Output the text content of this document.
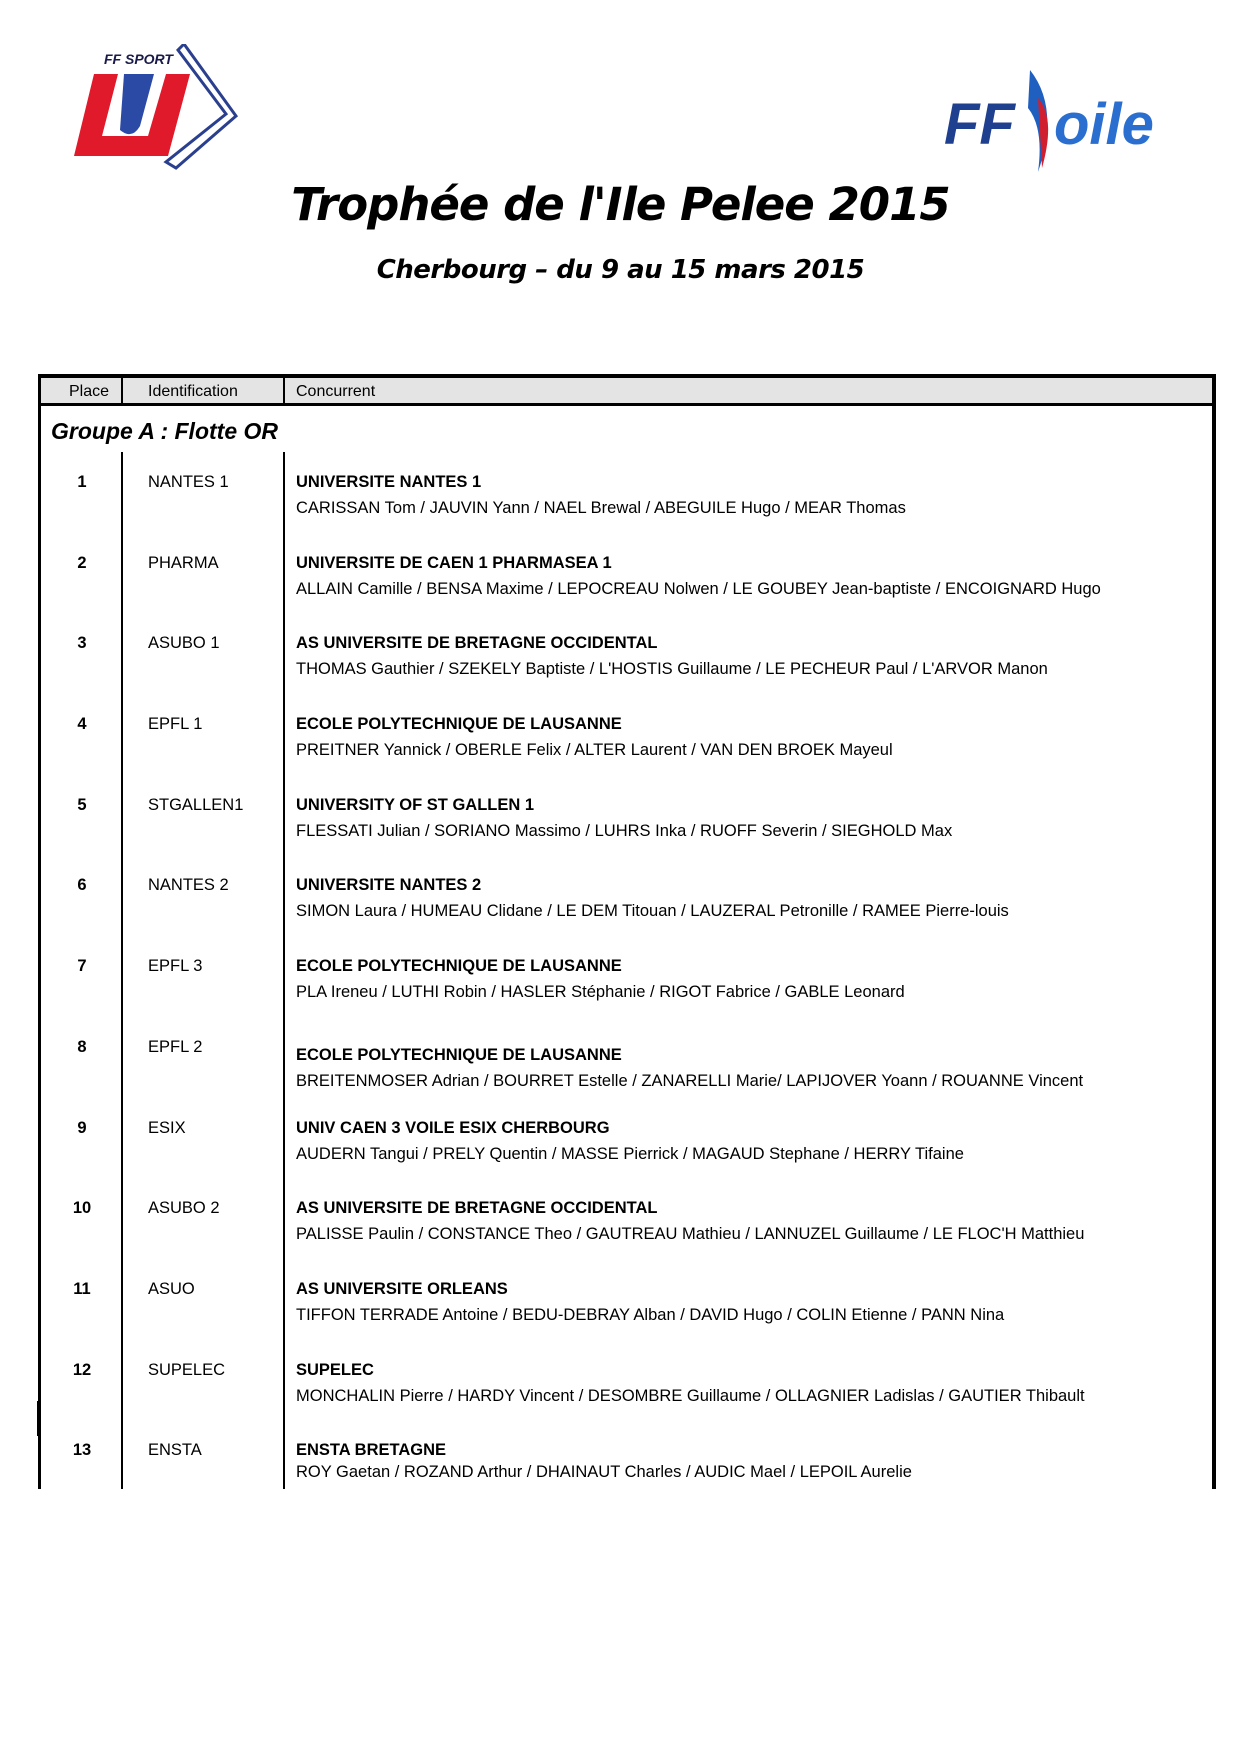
FF SPORT
FF oile
Trophée de l'Ile Pelee 2015
Cherbourg – du 9 au 15 mars 2015
Place Identification	Concurrent
Groupe A : Flotte OR
1	NANTES 1	UNIVERSITE NANTES 1
CARISSAN Tom / JAUVIN Yann / NAEL Brewal / ABEGUILE Hugo / MEAR Thomas
2	PHARMA	UNIVERSITE DE CAEN 1 PHARMASEA 1
ALLAIN Camille / BENSA Maxime / LEPOCREAU Nolwen / LE GOUBEY Jean-baptiste / ENCOIGNARD Hugo
3	ASUBO 1	AS UNIVERSITE DE BRETAGNE OCCIDENTAL
THOMAS Gauthier / SZEKELY Baptiste / L'HOSTIS Guillaume / LE PECHEUR Paul / L'ARVOR Manon
4	EPFL 1	ECOLE POLYTECHNIQUE DE LAUSANNE
PREITNER Yannick / OBERLE Felix / ALTER Laurent / VAN DEN BROEK Mayeul
5	STGALLEN1	UNIVERSITY OF ST GALLEN 1
FLESSATI Julian / SORIANO Massimo / LUHRS Inka / RUOFF Severin / SIEGHOLD Max
6	NANTES 2	UNIVERSITE NANTES 2
SIMON Laura / HUMEAU Clidane / LE DEM Titouan / LAUZERAL Petronille / RAMEE Pierre-louis
7	EPFL 3	ECOLE POLYTECHNIQUE DE LAUSANNE
PLA Ireneu / LUTHI Robin / HASLER Stéphanie / RIGOT Fabrice / GABLE Leonard
8	EPFL 2	ECOLE POLYTECHNIQUE DE LAUSANNE
BREITENMOSER Adrian / BOURRET Estelle / ZANARELLI Marie/ LAPIJOVER Yoann / ROUANNE Vincent
9	ESIX	UNIV CAEN 3 VOILE ESIX CHERBOURG
AUDERN Tangui / PRELY Quentin / MASSE Pierrick / MAGAUD Stephane / HERRY Tifaine
10	ASUBO 2	AS UNIVERSITE DE BRETAGNE OCCIDENTAL
PALISSE Paulin / CONSTANCE Theo / GAUTREAU Mathieu / LANNUZEL Guillaume / LE FLOC'H Matthieu
11	ASUO	AS UNIVERSITE ORLEANS
TIFFON TERRADE Antoine / BEDU-DEBRAY Alban / DAVID Hugo / COLIN Etienne / PANN Nina
12	SUPELEC	SUPELEC
MONCHALIN Pierre / HARDY Vincent / DESOMBRE Guillaume / OLLAGNIER Ladislas / GAUTIER Thibault
13	ENSTA	ENSTA BRETAGNE
ROY Gaetan / ROZAND Arthur / DHAINAUT Charles / AUDIC Mael / LEPOIL Aurelie
